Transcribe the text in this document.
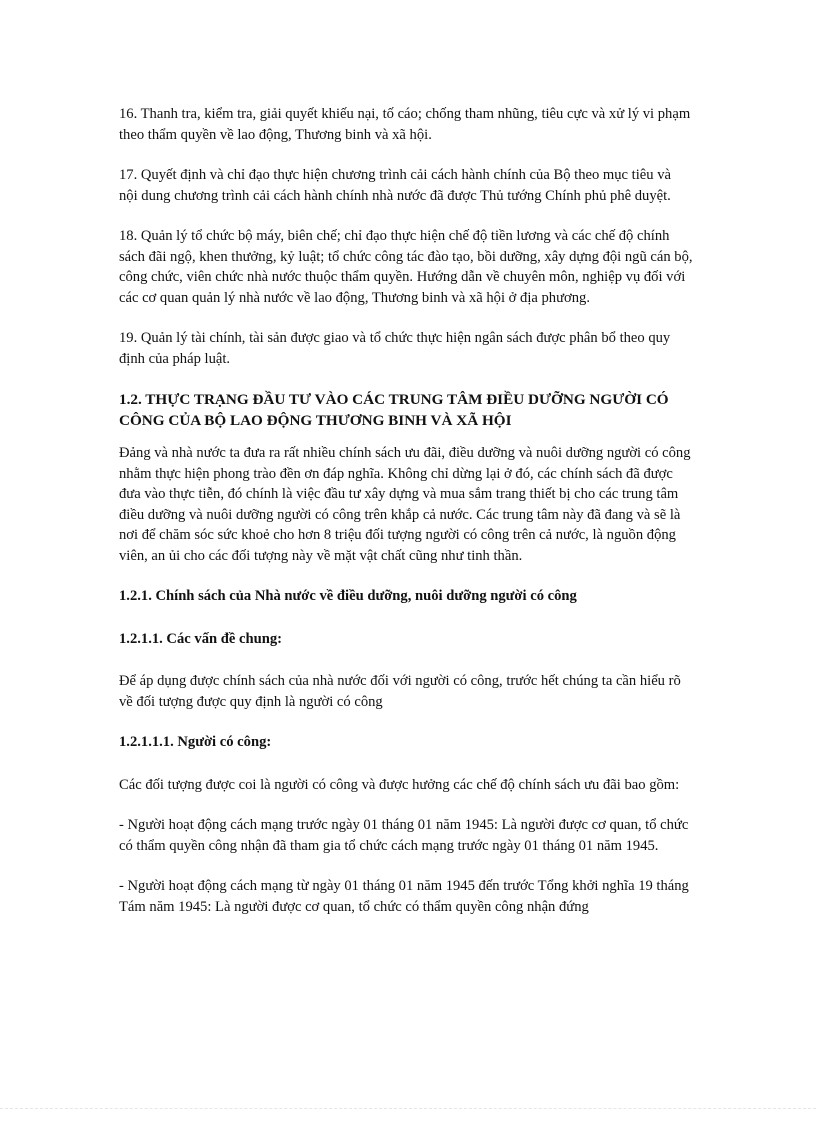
16. Thanh tra, kiểm tra, giải quyết khiếu nại, tố cáo; chống tham nhũng, tiêu cực và xử lý vi phạm theo thẩm quyền về lao động, Thương binh và xã hội.

17. Quyết định và chỉ đạo thực hiện chương trình cải cách hành chính của Bộ theo mục tiêu và nội dung chương trình cải cách hành chính nhà nước đã được Thủ tướng Chính phủ phê duyệt.

18. Quản lý tổ chức bộ máy, biên chế; chỉ đạo thực hiện chế độ tiền lương và các chế độ chính sách đãi ngộ, khen thưởng, kỷ luật; tổ chức công tác đào tạo, bồi dưỡng, xây dựng đội ngũ cán bộ, công chức, viên chức nhà nước thuộc thẩm quyền. Hướng dẫn về chuyên môn, nghiệp vụ đối với các cơ quan quản lý nhà nước về lao động, Thương binh và xã hội ở địa phương.

19. Quản lý tài chính, tài sản được giao và tổ chức thực hiện ngân sách được phân bổ theo quy định của pháp luật.

1.2. THỰC TRẠNG ĐẦU TƯ VÀO CÁC TRUNG TÂM ĐIỀU DƯỠNG NGƯỜI CÓ CÔNG CỦA BỘ LAO ĐỘNG THƯƠNG BINH VÀ XÃ HỘI

Đảng và nhà nước ta đưa ra rất nhiều chính sách ưu đãi, điều dưỡng và nuôi dưỡng người có công nhằm thực hiện phong trào đền ơn đáp nghĩa. Không chỉ dừng lại ở đó, các chính sách đã được đưa vào thực tiễn, đó chính là việc đầu tư xây dựng và mua sắm trang thiết bị cho các trung tâm điều dưỡng và nuôi dưỡng người có công trên khắp cả nước. Các trung tâm này đã đang và sẽ là nơi để chăm sóc sức khoẻ cho hơn 8 triệu đối tượng người có công trên cả nước, là nguồn động viên, an ủi cho các đối tượng này về mặt vật chất cũng như tinh thần.

1.2.1. Chính sách của Nhà nước về điều dưỡng, nuôi dưỡng người có công
1.2.1.1. Các vấn đề chung:

Để áp dụng được chính sách của nhà nước đối với người có công, trước hết chúng ta cần hiểu rõ về đối tượng được quy định là người có công

1.2.1.1.1. Người có công:

Các đối tượng được coi là người có công và được hưởng các chế độ chính sách ưu đãi bao gồm:

- Người hoạt động cách mạng trước ngày 01 tháng 01 năm 1945: Là người được cơ quan, tổ chức có thẩm quyền công nhận đã tham gia tổ chức cách mạng trước ngày 01 tháng 01 năm 1945.

- Người hoạt động cách mạng từ ngày 01 tháng 01 năm 1945 đến trước Tổng khởi nghĩa 19 tháng Tám năm 1945: Là người được cơ quan, tổ chức có thẩm quyền công nhận đứng
